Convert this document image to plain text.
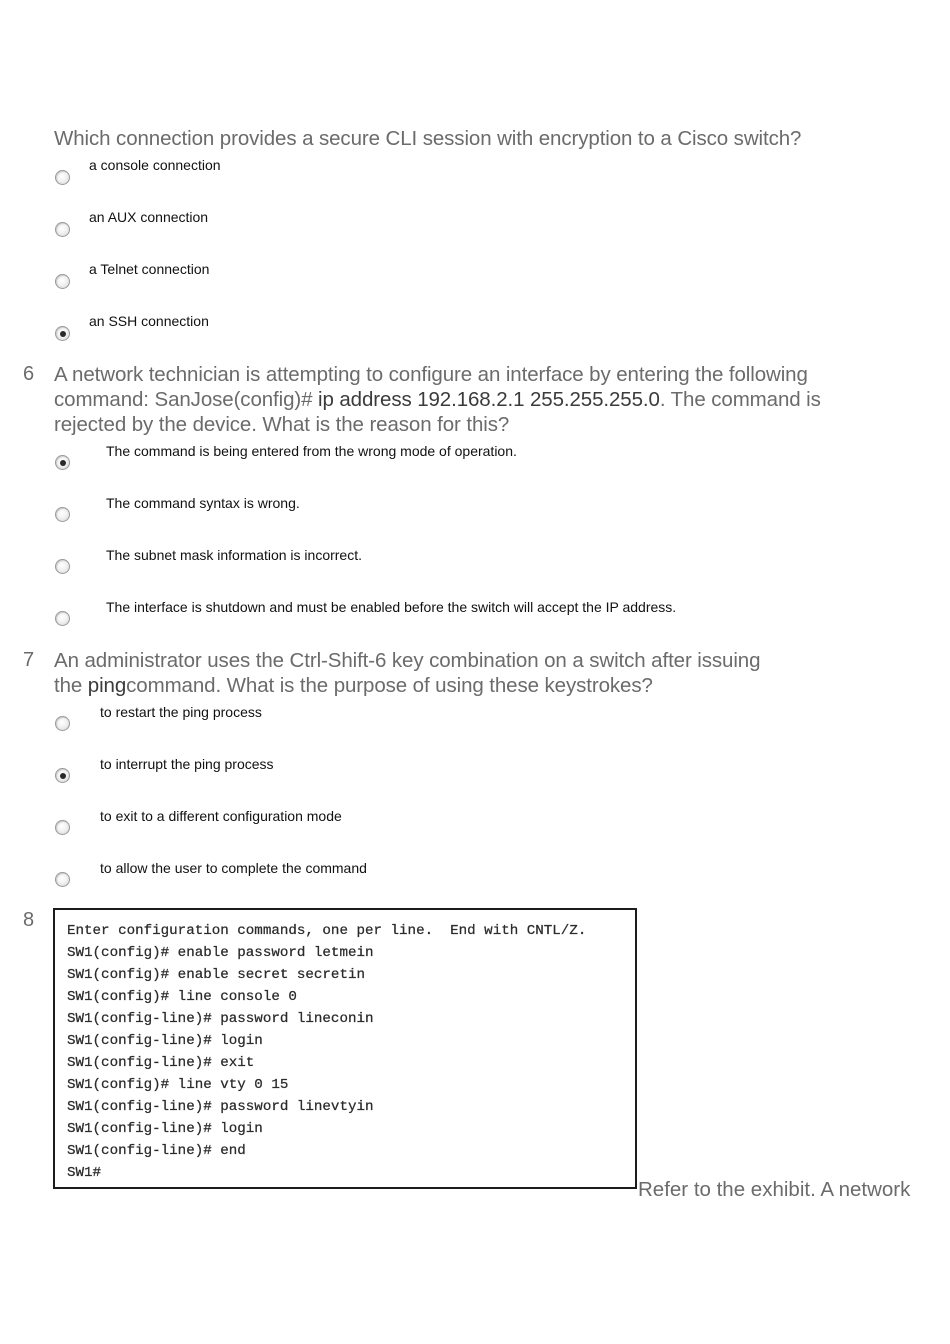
Which connection provides a secure CLI session with encryption to a Cisco switch?
a console connection
an AUX connection
a Telnet connection
an SSH connection
6 A network technician is attempting to configure an interface by entering the following
command: SanJose(config)# ip address 192.168.2.1 255.255.255.0. The command is
rejected by the device. What is the reason for this?
The command is being entered from the wrong mode of operation.
The command syntax is wrong.
The subnet mask information is incorrect.
The interface is shutdown and must be enabled before the switch will accept the IP address.
7 An administrator uses the Ctrl-Shift-6 key combination on a switch after issuing
the pingcommand. What is the purpose of using these keystrokes?
to restart the ping process
to interrupt the ping process
to exit to a different configuration mode
to allow the user to complete the command
8 Enter configuration commands, one per line.  End with CNTL/Z.
SW1(config)# enable password letmein
SW1(config)# enable secret secretin
SW1(config)# line console 0
SW1(config-line)# password lineconin
SW1(config-line)# login
SW1(config-line)# exit
SW1(config)# line vty 0 15
SW1(config-line)# password linevtyin
SW1(config-line)# login
SW1(config-line)# end
SW1#
Refer to the exhibit. A network
